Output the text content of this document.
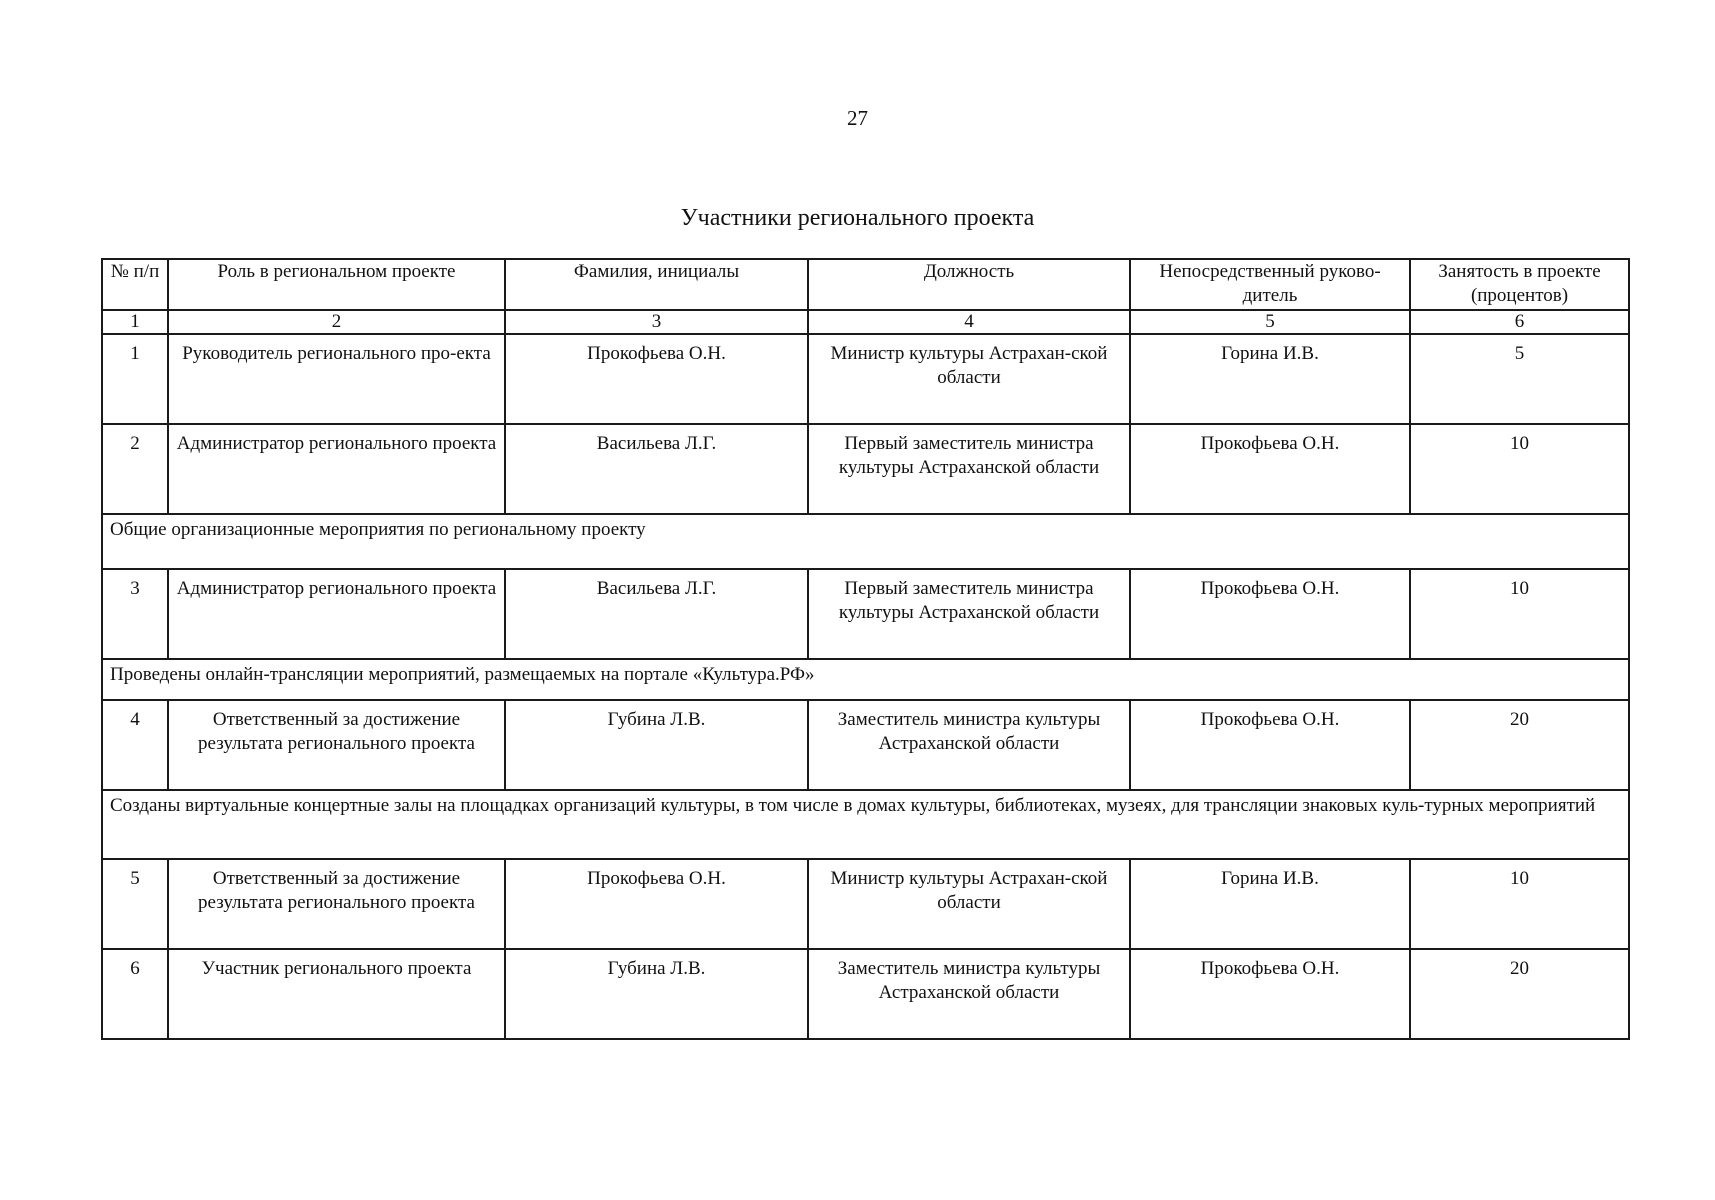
27
Участники регионального проекта
№ п/п	Роль в региональном проекте	Фамилия, инициалы	Должность	Непосредственный руково-дитель	Занятость в проекте (процентов)
1	2	3	4	5	6
1	Руководитель регионального про-екта	Прокофьева О.Н.	Министр культуры Астрахан-ской области	Горина И.В.	5
2	Администратор регионального проекта	Васильева Л.Г.	Первый заместитель министра культуры Астраханской области	Прокофьева О.Н.	10

Общие организационные мероприятия по региональному проекту					

3	Администратор регионального проекта	Васильева Л.Г.	Первый заместитель министра культуры Астраханской области	Прокофьева О.Н.	10

Проведены онлайн-трансляции мероприятий, размещаемых на портале «Культура.РФ»					

4	Ответственный за достижение результата регионального проекта	Губина Л.В.	Заместитель министра культуры Астраханской области	Прокофьева О.Н.	20

Созданы виртуальные концертные залы на площадках организаций культуры, в том числе в домах культуры, библиотеках, музеях, для трансляции знаковых куль-турных мероприятий					

5	Ответственный за достижение результата регионального проекта	Прокофьева О.Н.	Министр культуры Астрахан-ской области	Горина И.В.	10
6	Участник регионального проекта	Губина Л.В.	Заместитель министра культуры Астраханской области	Прокофьева О.Н.	20
